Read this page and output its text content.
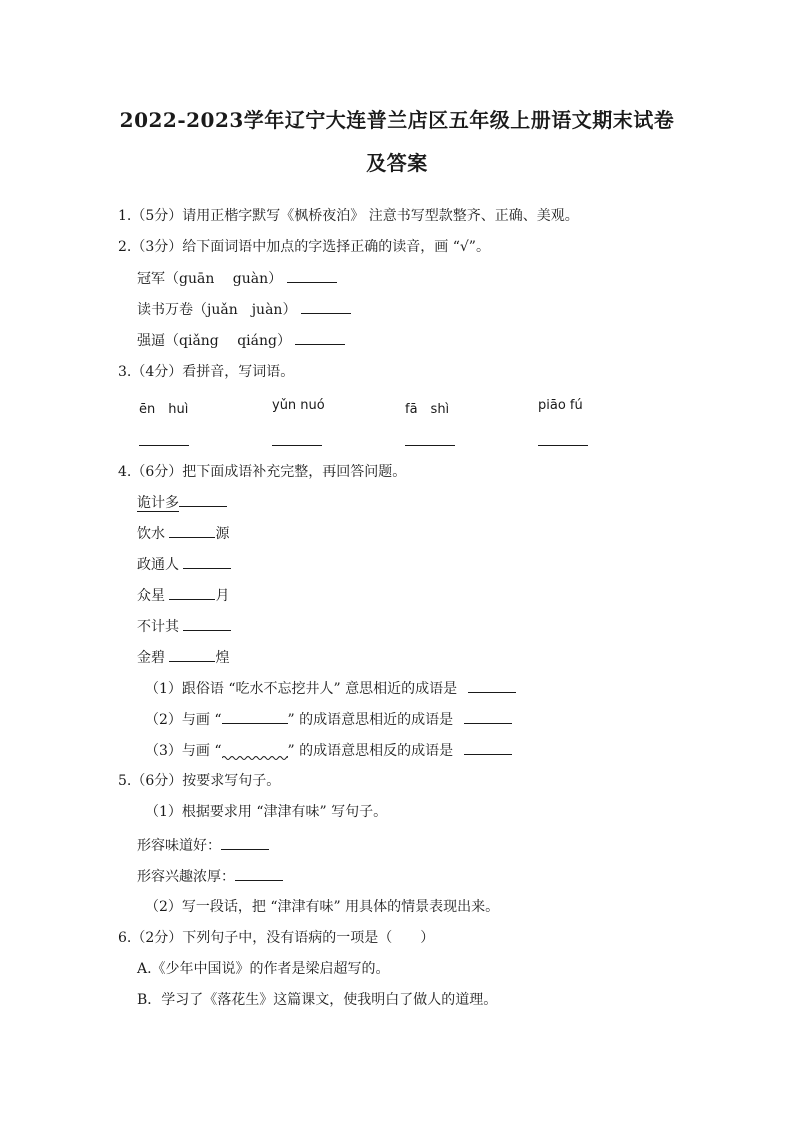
2022-2023学年辽宁大连普兰店区五年级上册语文期末试卷
及答案
1.（5分）请用正楷字默写《枫桥夜泊》 注意书写型款整齐、正确、美观。
2.（3分）给下面词语中加点的字选择正确的读音，画 “√”。
冠军（guān　 guàn）
读书万卷（juǎn　juàn）
强逼（qiǎng　 qiáng）
3.（4分）看拼音，写词语。
ēn　huì	yǔn nuó	fā　shì	piāo fú
4.（6分）把下面成语补充完整，再回答问题。
诡计多
饮水	源
政通人
众星	月
不计其
金碧	煌
（1）跟俗语 “吃水不忘挖井人” 意思相近的成语是
（2）与画 “	” 的成语意思相近的成语是
（3）与画 “	” 的成语意思相反的成语是
5.（6分）按要求写句子。
（1）根据要求用 “津津有味” 写句子。
形容味道好：
形容兴趣浓厚：
（2）写一段话，把 “津津有味” 用具体的情景表现出来。
6.（2分）下列句子中，没有语病的一项是（　　）
A.《少年中国说》的作者是梁启超写的。
B．学习了《落花生》这篇课文，使我明白了做人的道理。
